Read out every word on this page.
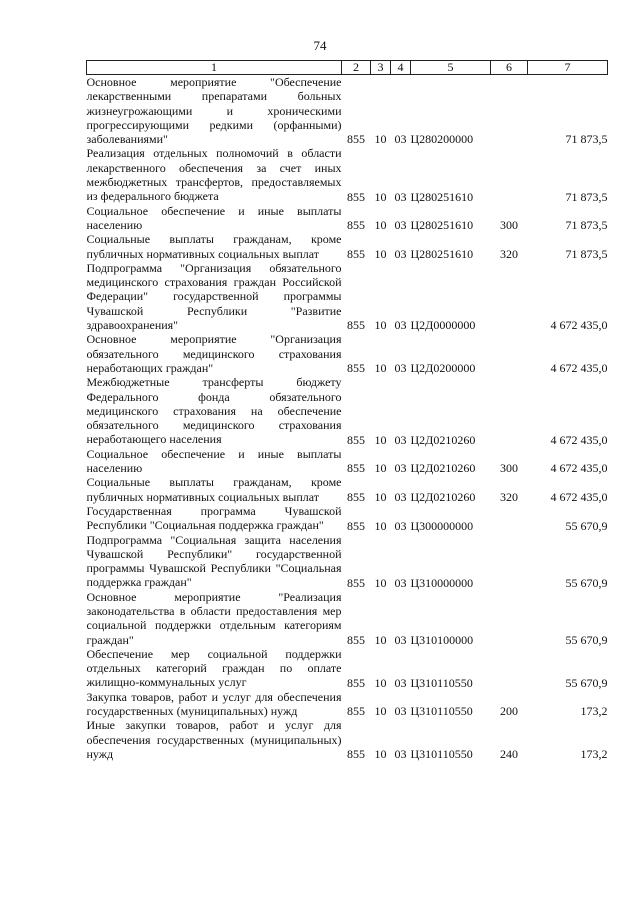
74
1	2	3	4	5	6	7
Основное мероприятие "Обеспечение лекарственными препаратами больных жизнеугрожающими и хроническими прогрессирующими редкими (орфанными) заболеваниями"	855	10	03	Ц280200000		71 873,5
Реализация отдельных полномочий в области лекарственного обеспечения за счет иных межбюджетных трансфертов, предоставляемых из федерального бюджета	855	10	03	Ц280251610		71 873,5
Социальное обеспечение и иные выплаты населению	855	10	03	Ц280251610	300	71 873,5
Социальные выплаты гражданам, кроме публичных нормативных социальных выплат	855	10	03	Ц280251610	320	71 873,5
Подпрограмма "Организация обязательного медицинского страхования граждан Российской Федерации" государственной программы Чувашской Республики "Развитие здравоохранения"	855	10	03	Ц2Д0000000		4 672 435,0
Основное мероприятие "Организация обязательного медицинского страхования неработающих граждан"	855	10	03	Ц2Д0200000		4 672 435,0
Межбюджетные трансферты бюджету Федерального фонда обязательного медицинского страхования на обеспечение обязательного медицинского страхования неработающего населения	855	10	03	Ц2Д0210260		4 672 435,0
Социальное обеспечение и иные выплаты населению	855	10	03	Ц2Д0210260	300	4 672 435,0
Социальные выплаты гражданам, кроме публичных нормативных социальных выплат	855	10	03	Ц2Д0210260	320	4 672 435,0
Государственная программа Чувашской Республики "Социальная поддержка граждан"	855	10	03	Ц300000000		55 670,9
Подпрограмма "Социальная защита населения Чувашской Республики" государственной программы Чувашской Республики "Социальная поддержка граждан"	855	10	03	Ц310000000		55 670,9
Основное мероприятие "Реализация законодательства в области предоставления мер социальной поддержки отдельным категориям граждан"	855	10	03	Ц310100000		55 670,9
Обеспечение мер социальной поддержки отдельных категорий граждан по оплате жилищно-коммунальных услуг	855	10	03	Ц310110550		55 670,9
Закупка товаров, работ и услуг для обеспечения государственных (муниципальных) нужд	855	10	03	Ц310110550	200	173,2
Иные закупки товаров, работ и услуг для обеспечения государственных (муниципальных) нужд	855	10	03	Ц310110550	240	173,2
